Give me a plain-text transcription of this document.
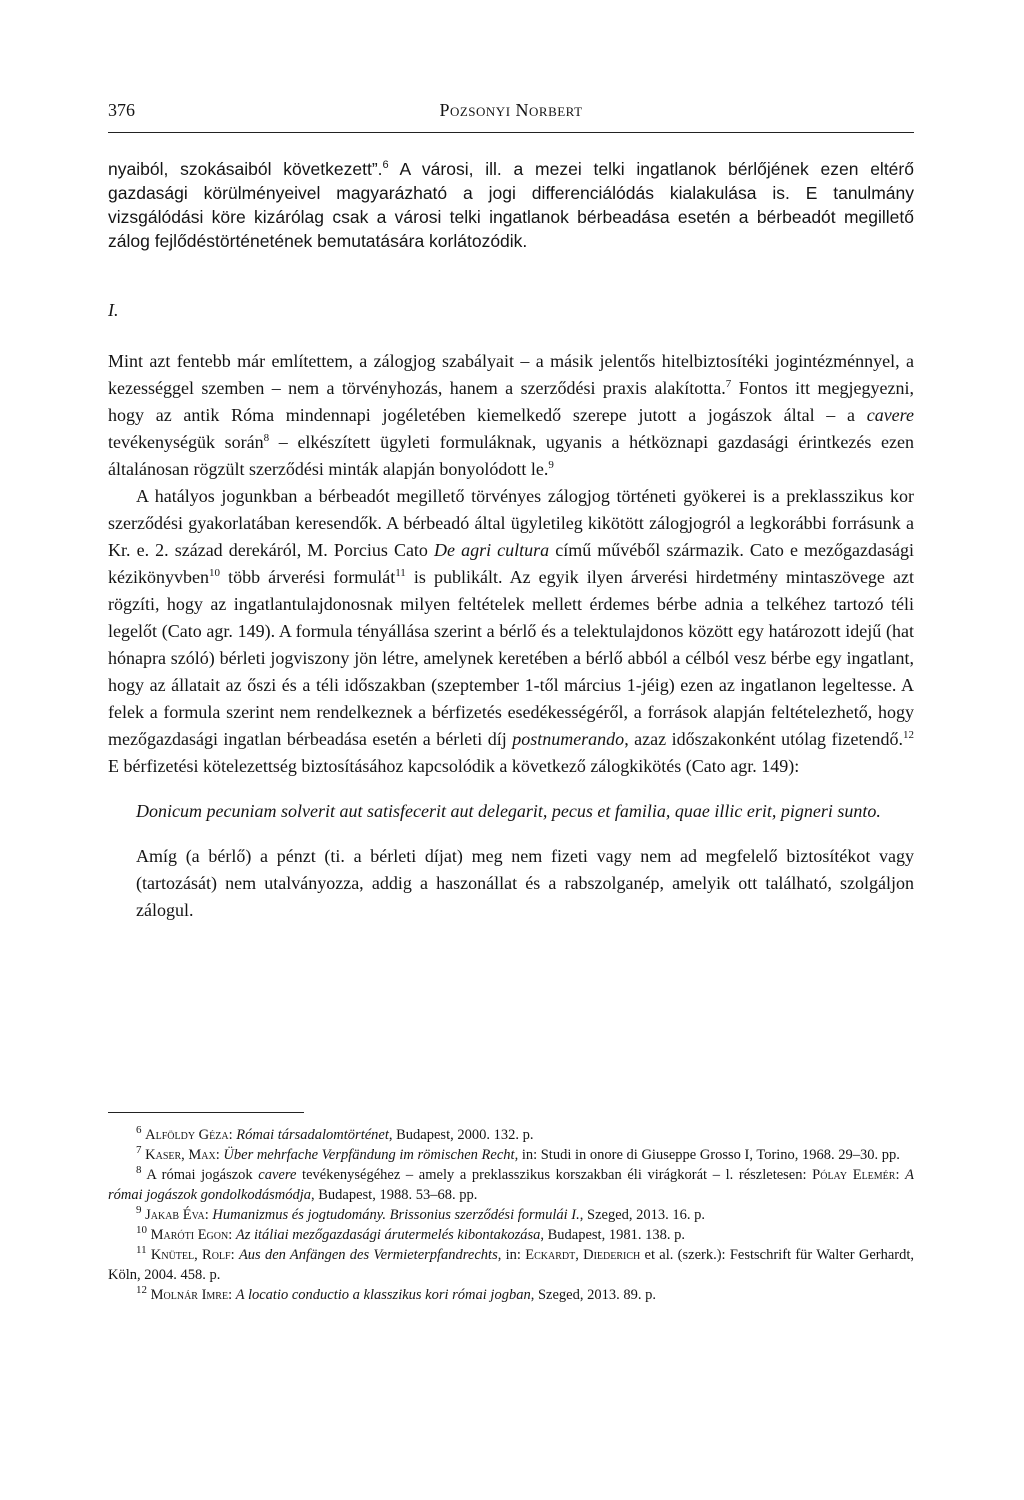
376	Pozsonyi Norbert

nyaiból, szokásaiból következett”.$^6$ A városi, ill. a mezei telki ingatlanok bérlőjének ezen eltérő gazdasági körülményeivel magyarázható a jogi differenciálódás kialakulása is. E tanulmány vizsgálódási köre kizárólag csak a városi telki ingatlanok bérbeadása esetén a bérbeadót megillető zálog fejlődéstörténetének bemutatására korlátozódik.

I.

Mint azt fentebb már említettem, a zálogjog szabályait – a másik jelentős hitelbiztosítéki jogintézménnyel, a kezességgel szemben – nem a törvényhozás, hanem a szerződési praxis alakította.$^7$ Fontos itt megjegyezni, hogy az antik Róma mindennapi jogéletében kiemelkedő szerepe jutott a jogászok által – a cavere tevékenységük során$^8$ – elkészített ügyleti formuláknak, ugyanis a hétköznapi gazdasági érintkezés ezen általánosan rögzült szerződési minták alapján bonyolódott le.$^9$

A hatályos jogunkban a bérbeadót megillető törvényes zálogjog történeti gyökerei is a preklasszikus kor szerződési gyakorlatában keresendők. A bérbeadó által ügyletileg kikötött zálogjogról a legkorábbi forrásunk a Kr. e. 2. század derekáról, M. Porcius Cato De agri cultura című művéből származik. Cato e mezőgazdasági kézikönyvben$^{10}$ több árverési formulát$^{11}$ is publikált. Az egyik ilyen árverési hirdetmény mintaszövege azt rögzíti, hogy az ingatlantulajdonosnak milyen feltételek mellett érdemes bérbe adnia a telkéhez tartozó téli legelőt (Cato agr. 149). A formula tényállása szerint a bérlő és a telektulajdonos között egy határozott idejű (hat hónapra szóló) bérleti jogviszony jön létre, amelynek keretében a bérlő abból a célból vesz bérbe egy ingatlant, hogy az állatait az őszi és a téli időszakban (szeptember 1-től március 1-jéig) ezen az ingatlanon legeltesse. A felek a formula szerint nem rendelkeznek a bérfizetés esedékességéről, a források alapján feltételezhető, hogy mezőgazdasági ingatlan bérbeadása esetén a bérleti díj postnumerando, azaz időszakonként utólag fizetendő.$^{12}$ E bérfizetési kötelezettség biztosításához kapcsolódik a következő zálogkikötés (Cato agr. 149):

Donicum pecuniam solverit aut satisfecerit aut delegarit, pecus et familia, quae illic erit, pigneri sunto.

Amíg (a bérlő) a pénzt (ti. a bérleti díjat) meg nem fizeti vagy nem ad megfelelő biztosítékot vagy (tartozását) nem utalványozza, addig a haszonállat és a rabszolganép, amelyik ott található, szolgáljon zálogul.

$^6$ Alföldy Géza: Római társadalomtörténet, Budapest, 2000. 132. p.

$^7$ Kaser, Max: Über mehrfache Verpfändung im römischen Recht, in: Studi in onore di Giuseppe Grosso I, Torino, 1968. 29–30. pp.

$^8$ A római jogászok cavere tevékenységéhez – amely a preklasszikus korszakban éli virágkorát – l. részletesen: Pólay Elemér: A római jogászok gondolkodásmódja, Budapest, 1988. 53–68. pp.

$^9$ Jakab Éva: Humanizmus és jogtudomány. Brissonius szerződési formulái I., Szeged, 2013. 16. p.

$^{10}$ Maróti Egon: Az itáliai mezőgazdasági árutermelés kibontakozása, Budapest, 1981. 138. p.

$^{11}$ Knütel, Rolf: Aus den Anfängen des Vermieterpfandrechts, in: Eckardt, Diederich et al. (szerk.): Festschrift für Walter Gerhardt, Köln, 2004. 458. p.

$^{12}$ Molnár Imre: A locatio conductio a klasszikus kori római jogban, Szeged, 2013. 89. p.
